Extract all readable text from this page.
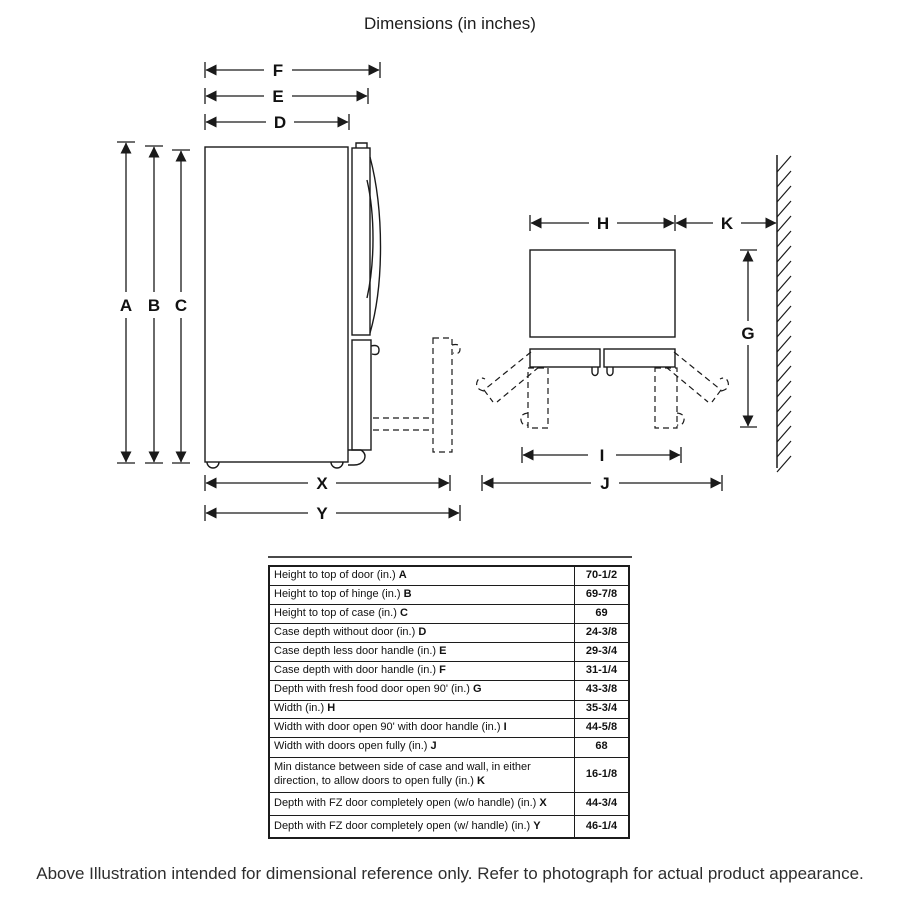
Dimensions (in inches)
F
E
D
A B C
X
Y
H	K
G
I
J
Height to top of door (in.) A	70-1/2
Height to top of hinge (in.) B	69-7/8
Height to top of case (in.) C	69
Case depth without door (in.) D	24-3/8
Case depth less door handle (in.) E	29-3/4
Case depth with door handle (in.) F	31-1/4
Depth with fresh food door open 90' (in.) G	43-3/8
Width (in.) H	35-3/4
Width with door open 90' with door handle (in.) I	44-5/8
Width with doors open fully (in.) J	68
Min distance between side of case and wall, in either direction, to allow doors to open fully (in.) K	16-1/8
Depth with FZ door completely open (w/o handle) (in.) X	44-3/4
Depth with FZ door completely open (w/ handle) (in.) Y	46-1/4
Above Illustration intended for dimensional reference only. Refer to photograph for actual product appearance.
